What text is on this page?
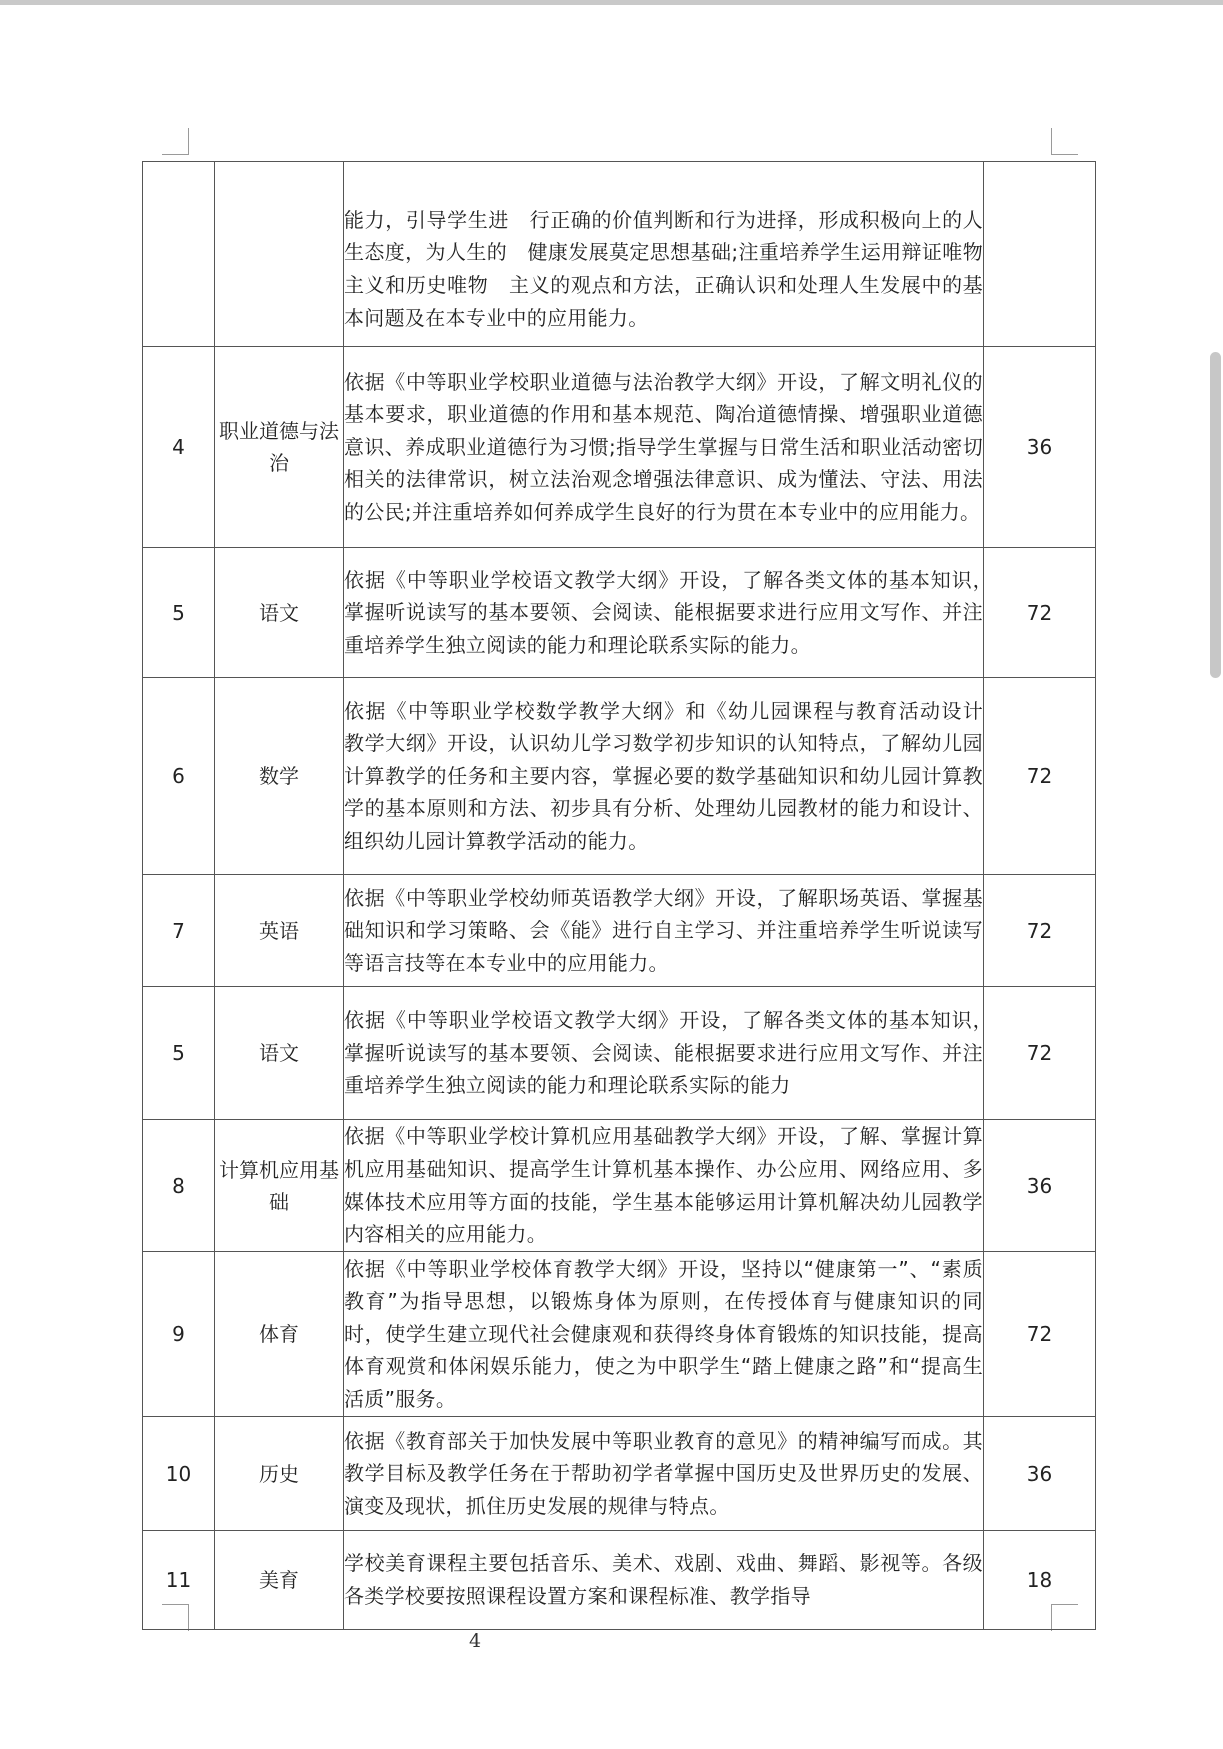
		能力，引导学生进　行正确的价值判断和行为进择，形成积极向上的人生态度，为人生的　健康发展莫定思想基础;注重培养学生运用辩证唯物主义和历史唯物　主义的观点和方法，正确认识和处理人生发展中的基本问题及在本专业中的应用能力。	
4	职业道德与法治	依据《中等职业学校职业道德与法治教学大纲》开设，了解文明礼仪的基本要求，职业道德的作用和基本规范、陶冶道德情操、增强职业道德意识、养成职业道德行为习惯;指导学生掌握与日常生活和职业活动密切相关的法律常识，树立法治观念增强法律意识、成为懂法、守法、用法的公民;并注重培养如何养成学生良好的行为贯在本专业中的应用能力。	36
5	语文	依据《中等职业学校语文教学大纲》开设，了解各类文体的基本知识，　掌握听说读写的基本要领、会阅读、能根据要求进行应用文写作、并注重培养学生独立阅读的能力和理论联系实际的能力。	72
6	数学	依据《中等职业学校数学教学大纲》和《幼儿园课程与教育活动设计　教学大纲》开设，认识幼儿学习数学初步知识的认知特点，了解幼儿园计算教学的任务和主要内容，掌握必要的数学基础知识和幼儿园计算教学的基本原则和方法、初步具有分析、处理幼儿园教材的能力和设计、组织幼儿园计算教学活动的能力。	72
7	英语	依据《中等职业学校幼师英语教学大纲》开设，了解职场英语、掌握基础知识和学习策略、会《能》进行自主学习、并注重培养学生听说读写等语言技等在本专业中的应用能力。	72
5	语文	依据《中等职业学校语文教学大纲》开设，了解各类文体的基本知识，　掌握听说读写的基本要领、会阅读、能根据要求进行应用文写作、并注重培养学生独立阅读的能力和理论联系实际的能力	72
8	计算机应用基础	依据《中等职业学校计算机应用基础教学大纲》开设，了解、掌握计算机应用基础知识、提高学生计算机基本操作、办公应用、网络应用、多媒体技术应用等方面的技能，学生基本能够运用计算机解决幼儿园教学内容相关的应用能力。	36
9	体育	依据《中等职业学校体育教学大纲》开设，坚持以“健康第一”、“素质教育”为指导思想，以锻炼身体为原则，在传授体育与健康知识的同时，使学生建立现代社会健康观和获得终身体育锻炼的知识技能，提高体育观赏和体闲娱乐能力，使之为中职学生“踏上健康之路”和“提高生活质”服务。	72
10	历史	依据《教育部关于加快发展中等职业教育的意见》的精神编写而成。其教学目标及教学任务在于帮助初学者掌握中国历史及世界历史的发展、演变及现状，抓住历史发展的规律与特点。	36
11	美育	学校美育课程主要包括音乐、美术、戏剧、戏曲、舞蹈、影视等。各级各类学校要按照课程设置方案和课程标准、教学指导	18
4
